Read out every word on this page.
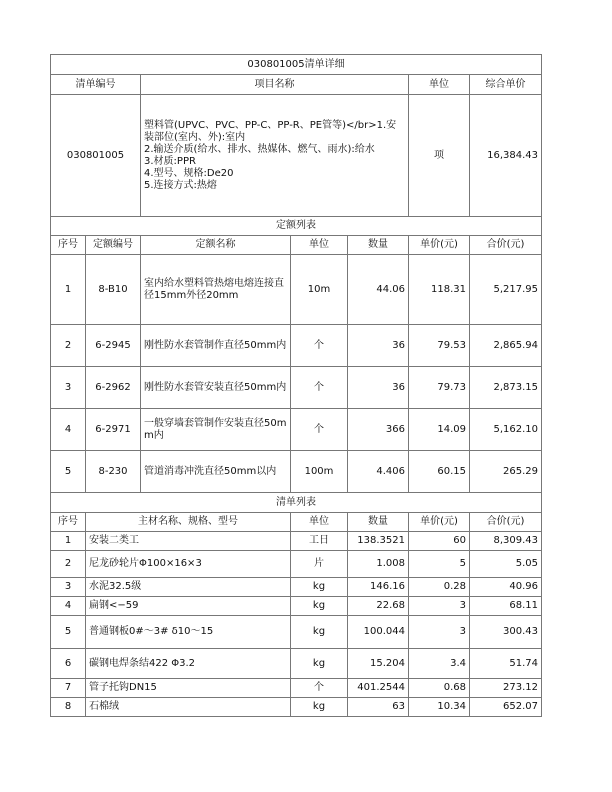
030801005清单详细						
清单编号		项目名称			单位	综合单价
030801005		塑料管(UPVC、PVC、PP-C、PP-R、PE管等)</br>1.安装部位(室内、外):室内
2.输送介质(给水、排水、热媒体、燃气、雨水):给水
3.材质:PPR
4.型号、规格:De20
5.连接方式:热熔			项	16,384.43
定额列表						
序号	定额编号	定额名称	单位	数量	单价(元)	合价(元)
1	8-B10	室内给水塑料管热熔电熔连接直径15mm外径20mm	10m	44.06	118.31	5,217.95
2	6-2945	刚性防水套管制作直径50mm内	个	36	79.53	2,865.94
3	6-2962	刚性防水套管安装直径50mm内	个	36	79.73	2,873.15
4	6-2971	一般穿墙套管制作安装直径50mm内	个	366	14.09	5,162.10
5	8-230	管道消毒冲洗直径50mm以内	100m	4.406	60.15	265.29
清单列表						
序号	主材名称、规格、型号		单位	数量	单价(元)	合价(元)
1	安装二类工		工日	138.3521	60	8,309.43
2	尼龙砂轮片Φ100×16×3		片	1.008	5	5.05
3	水泥32.5级		kg	146.16	0.28	40.96
4	扁钢<−59		kg	22.68	3	68.11
5	普通钢板0#～3# δ10～15		kg	100.044	3	300.43
6	碳钢电焊条结422 Φ3.2		kg	15.204	3.4	51.74
7	管子托钩DN15		个	401.2544	0.68	273.12
8	石棉绒		kg	63	10.34	652.07
